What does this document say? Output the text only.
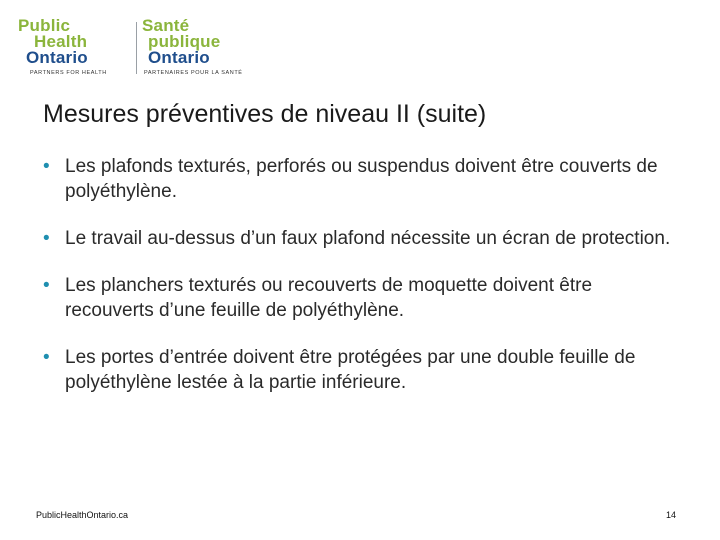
Public
Health
Ontario
PARTNERS FOR HEALTH
Santé
publique
Ontario
PARTENAIRES POUR LA SANTÉ
Mesures préventives de niveau II (suite)
• Les plafonds texturés, perforés ou suspendus doivent être couverts de polyéthylène.
• Le travail au-dessus d’un faux plafond nécessite un écran de protection.
• Les planchers texturés ou recouverts de moquette doivent être recouverts d’une feuille de polyéthylène.
• Les portes d’entrée doivent être protégées par une double feuille de polyéthylène lestée à la partie inférieure.
PublicHealthOntario.ca	14
